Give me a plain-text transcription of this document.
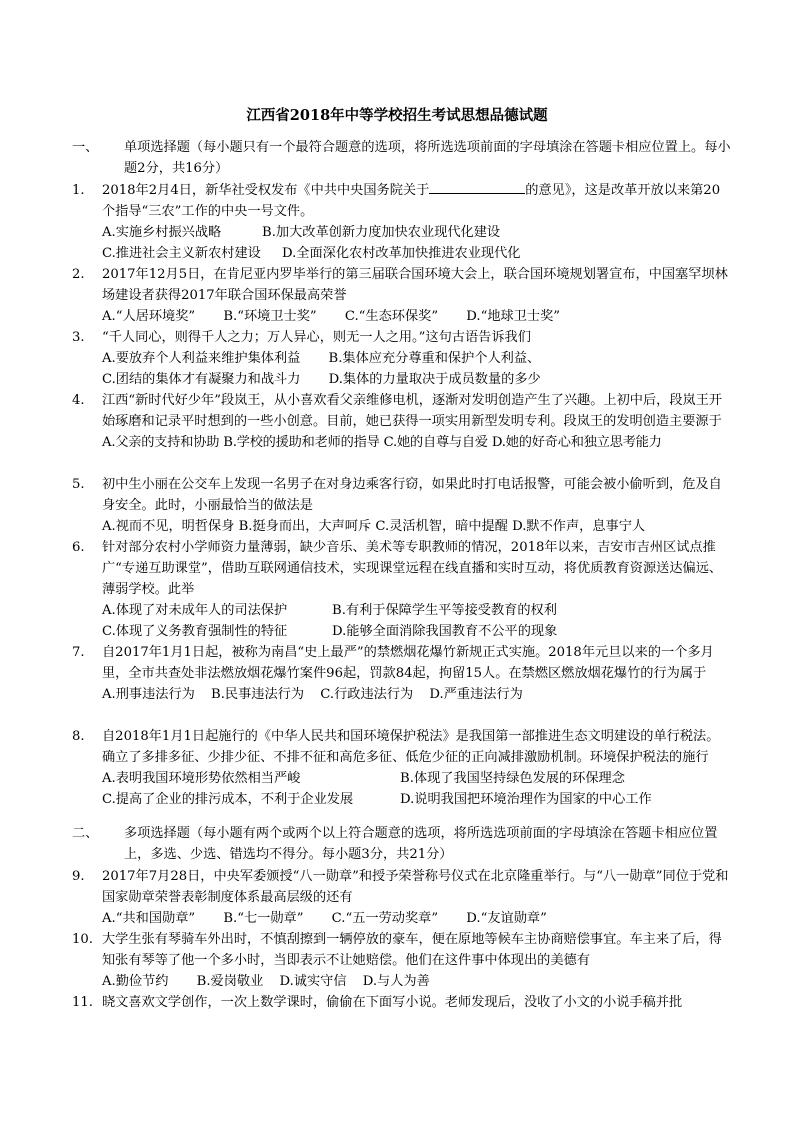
江西省2018年中等学校招生考试思想品德试题
一、	单项选择题（每小题只有一个最符合题意的选项，将所选选项前面的字母填涂在答题卡相应位置上。每小题2分，共16分）
1.	2018年2月4日，新华社受权发布《中共中央国务院关于	的意见》，这是改革开放以来第20个指导“三农”工作的中央一号文件。
A.实施乡村振兴战略	B.加大改革创新力度加快农业现代化建设
C.推进社会主义新农村建设	D.全面深化农村改革加快推进农业现代化
2.	2017年12月5日，在肯尼亚内罗毕举行的第三届联合国环境大会上，联合国环境规划署宣布，中国塞罕坝林场建设者获得2017年联合国环保最高荣誉
A.“人居环境奖” B.“环境卫士奖” C.“生态环保奖” D.“地球卫士奖”
3.	“千人同心，则得千人之力；万人异心，则无一人之用。”这句古语告诉我们
A.要放弃个人利益来维护集体利益 B.集体应充分尊重和保护个人利益、
C.团结的集体才有凝聚力和战斗力 D.集体的力量取决于成员数量的多少
4.	江西“新时代好少年”段岚王，从小喜欢看父亲维修电机，逐渐对发明创造产生了兴趣。上初中后，段岚王开始琢磨和记录平时想到的一些小创意。目前，她已获得一项实用新型发明专利。段岚王的发明创造主要源于
A.父亲的支持和协助 B.学校的援助和老师的指导 C.她的自尊与自爱 D.她的好奇心和独立思考能力
5.	初中生小丽在公交车上发现一名男子在对身边乘客行窃，如果此时打电话报警，可能会被小偷听到，危及自身安全。此时，小丽最恰当的做法是
A.视而不见，明哲保身 B.挺身而出，大声呵斥 C.灵活机智，暗中提醒 D.默不作声，息事宁人
6.	针对部分农村小学师资力量薄弱，缺少音乐、美术等专职教师的情况，2018年以来，吉安市吉州区试点推广“专递互助课堂”，借助互联网通信技术，实现课堂远程在线直播和实时互动，将优质教育资源送达偏远、薄弱学校。此举
A.体现了对未成年人的司法保护	B.有利于保障学生平等接受教育的权利
C.体现了义务教育强制性的特征	D.能够全面消除我国教育不公平的现象
7.	自2017年1月1日起，被称为南昌“史上最严”的禁燃烟花爆竹新规正式实施。2018年元旦以来的一个多月里，全市共查处非法燃放烟花爆竹案件96起，罚款84起，拘留15人。在禁燃区燃放烟花爆竹的行为属于
A.刑事违法行为 B.民事违法行为 C.行政违法行为 D.严重违法行为
8.	自2018年1月1日起施行的《中华人民共和国环境保护税法》是我国第一部推进生态文明建设的单行税法。确立了多排多征、少排少征、不排不征和高危多征、低危少征的正向减排激励机制。环境保护税法的施行
A.表明我国环境形势依然相当严峻	B.体现了我国坚持绿色发展的环保理念
C.提高了企业的排污成本，不利于企业发展	D.说明我国把环境治理作为国家的中心工作
二、	多项选择题（每小题有两个或两个以上符合题意的选项，将所选选项前面的字母填涂在答题卡相应位置上，多选、少选、错选均不得分。每小题3分，共21分）
9.	2017年7月28日，中央军委颁授“八一勋章”和授予荣誉称号仪式在北京隆重举行。与“八一勋章”同位于党和国家勋章荣誉表彰制度体系最高层级的还有
A.“共和国勋章” B.“七一勋章” C.“五一劳动奖章” D.“友谊勋章”
10. 大学生张有琴骑车外出时，不慎刮擦到一辆停放的豪车，便在原地等候车主协商赔偿事宜。车主来了后，得知张有琴等了他一个多小时，当即表示不让她赔偿。他们在这件事中体现出的美德有
A.勤俭节约 B.爱岗敬业 D.诚实守信 D.与人为善
11. 晓文喜欢文学创作，一次上数学课时，偷偷在下面写小说。老师发现后，没收了小文的小说手稿并批
